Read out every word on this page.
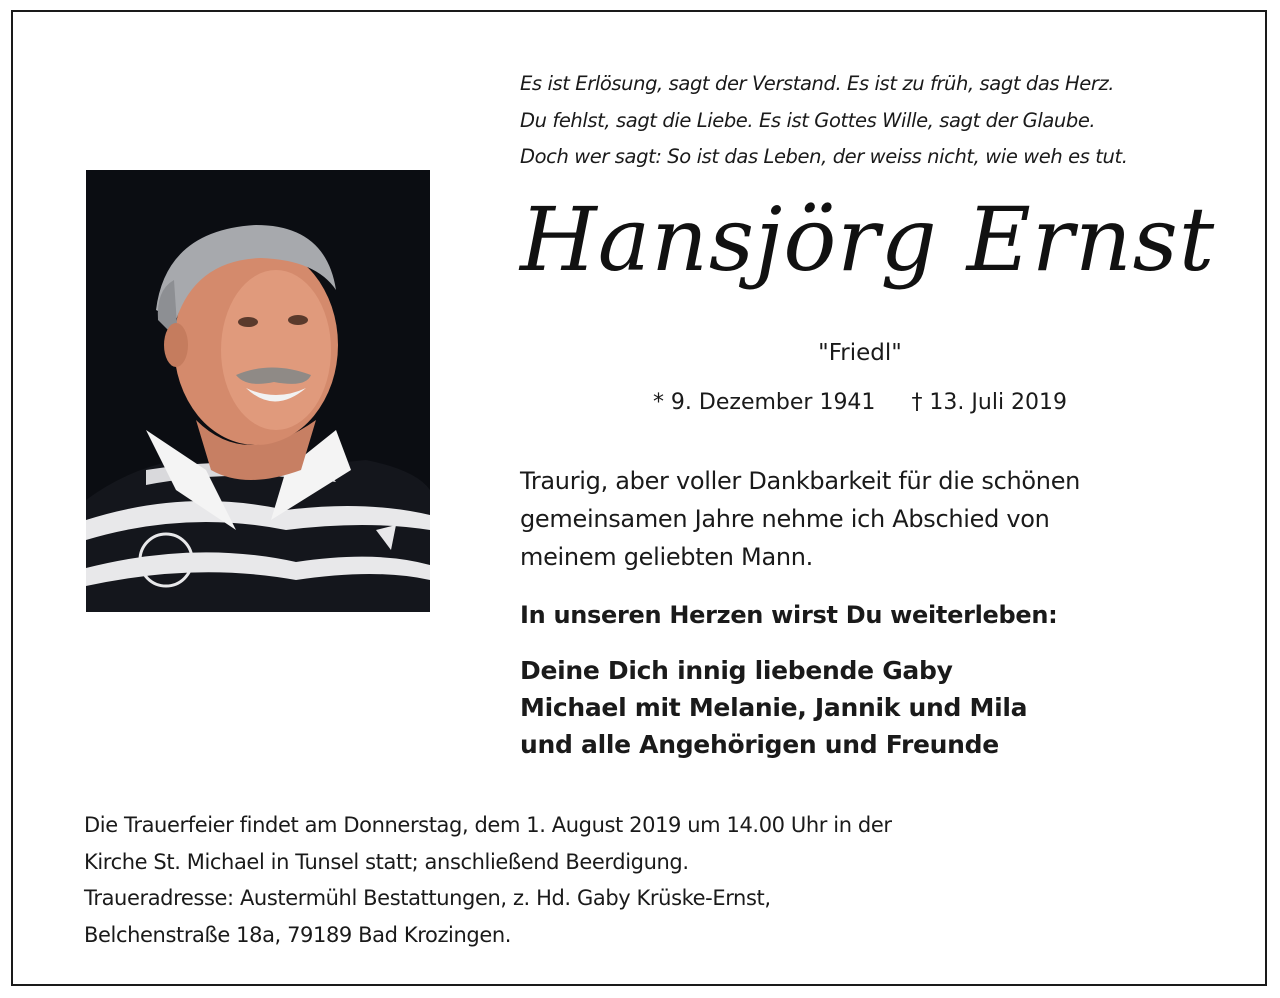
Es ist Erlösung, sagt der Verstand. Es ist zu früh, sagt das Herz.
Du fehlst, sagt die Liebe. Es ist Gottes Wille, sagt der Glaube.
Doch wer sagt: So ist das Leben, der weiss nicht, wie weh es tut.
Hansjörg Ernst
"Friedl"
* 9. Dezember 1941 † 13. Juli 2019
Traurig, aber voller Dankbarkeit für die schönen
gemeinsamen Jahre nehme ich Abschied von
meinem geliebten Mann.
In unseren Herzen wirst Du weiterleben:
Deine Dich innig liebende Gaby
Michael mit Melanie, Jannik und Mila
und alle Angehörigen und Freunde
Die Trauerfeier findet am Donnerstag, dem 1. August 2019 um 14.00 Uhr in der
Kirche St. Michael in Tunsel statt; anschließend Beerdigung.
Traueradresse: Austermühl Bestattungen, z. Hd. Gaby Krüske-Ernst,
Belchenstraße 18a, 79189 Bad Krozingen.
